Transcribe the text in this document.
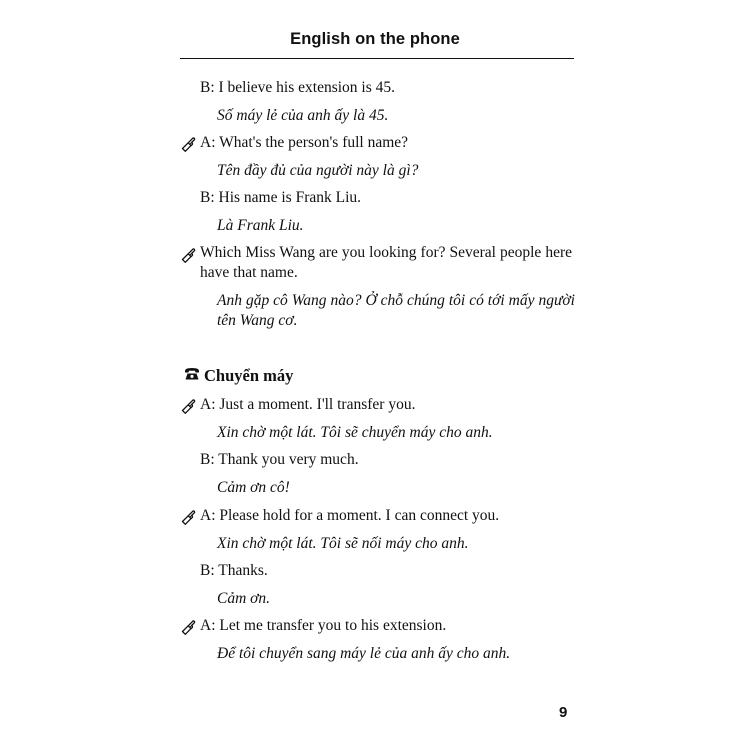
English on the phone
B: I believe his extension is 45.
Số máy lẻ của anh ấy là 45.
A: What's the person's full name?
Tên đầy đủ của người này là gì?
B: His name is Frank Liu.
Là Frank Liu.
Which Miss Wang are you looking for? Several people here have that name.
Anh gặp cô Wang nào? Ở chỗ chúng tôi có tới mấy người tên Wang cơ.
Chuyển máy
A: Just a moment. I'll transfer you.
Xin chờ một lát. Tôi sẽ chuyển máy cho anh.
B: Thank you very much.
Cảm ơn cô!
A: Please hold for a moment. I can connect you.
Xin chờ một lát. Tôi sẽ nối máy cho anh.
B: Thanks.
Cảm ơn.
A: Let me transfer you to his extension.
Để tôi chuyển sang máy lẻ của anh ấy cho anh.
9
